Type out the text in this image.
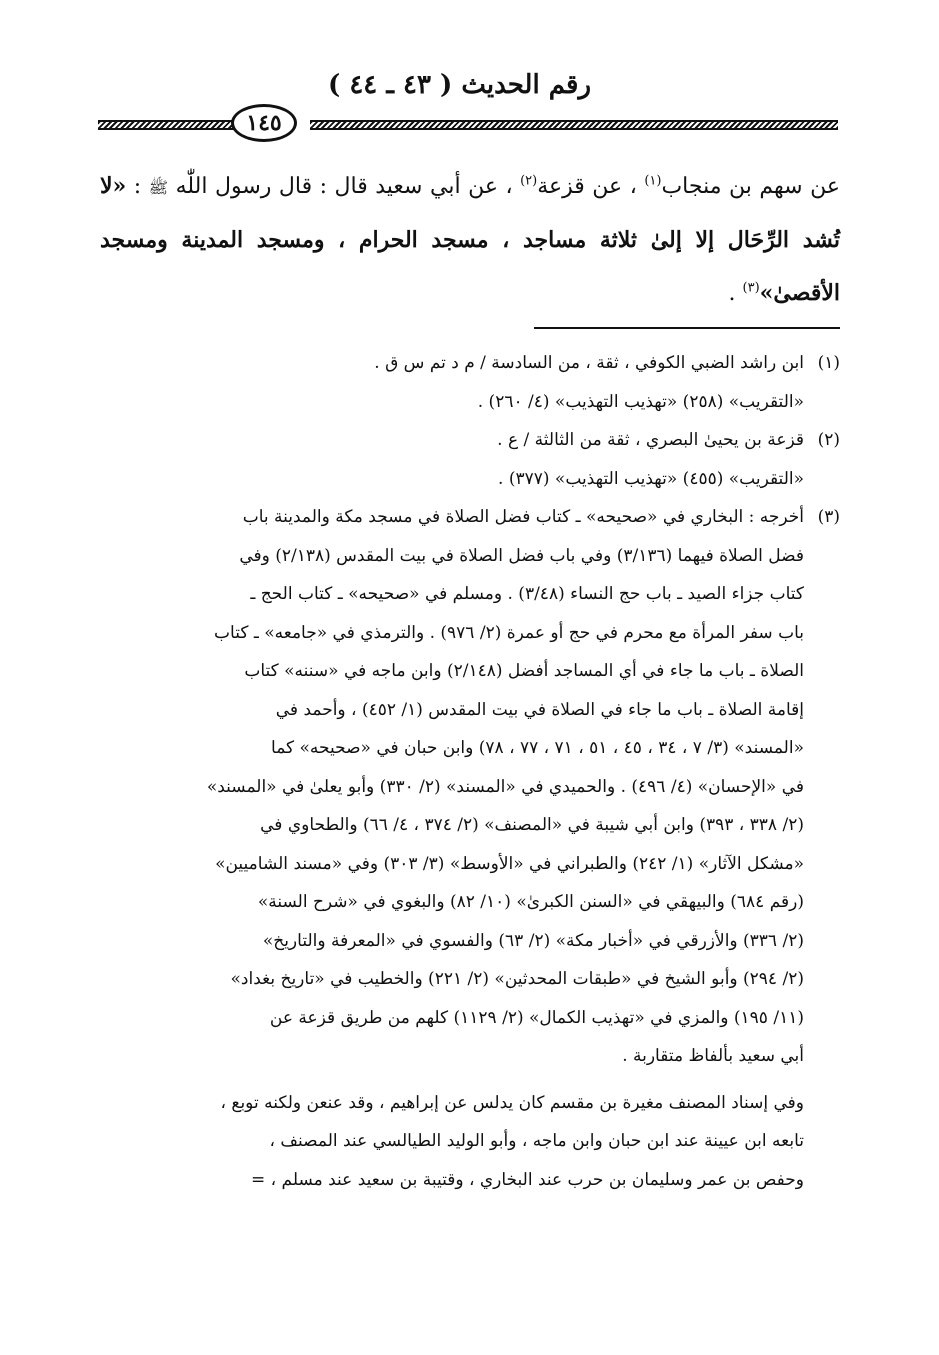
رقم الحديث ( ٤٣ ـ ٤٤ )
١٤٥
عن سهم بن منجاب$^{(١)}$ ، عن قزعة$^{(٢)}$ ، عن أبي سعيد قال : قال رسول اللّٰه ﷺ : «لا تُشد الرِّحَال إلا إلىٰ ثلاثة مساجد ، مسجد الحرام ، ومسجد المدينة ومسجد الأقصىٰ»$^{(٣)}$ .
(١)ابن راشد الضبي الكوفي ، ثقة ، من السادسة / م د تم س ق .
«التقريب» (٢٥٨) «تهذيب التهذيب» (٤/ ٢٦٠) .
(٢)قزعة بن يحيىٰ البصري ، ثقة من الثالثة / ع .
«التقريب» (٤٥٥) «تهذيب التهذيب» (٣٧٧) .
(٣)أخرجه : البخاري في «صحيحه» ـ كتاب فضل الصلاة في مسجد مكة والمدينة باب
فضل الصلاة فيهما (٣/١٣٦) وفي باب فضل الصلاة في بيت المقدس (٢/١٣٨) وفي
كتاب جزاء الصيد ـ باب حج النساء (٣/٤٨) . ومسلم في «صحيحه» ـ كتاب الحج ـ
باب سفر المرأة مع محرم في حج أو عمرة (٢/ ٩٧٦) . والترمذي في «جامعه» ـ كتاب
الصلاة ـ باب ما جاء في أي المساجد أفضل (٢/١٤٨) وابن ماجه في «سننه» كتاب
إقامة الصلاة ـ باب ما جاء في الصلاة في بيت المقدس (١/ ٤٥٢) ، وأحمد في
«المسند» (٣/ ٧ ، ٣٤ ، ٤٥ ، ٥١ ، ٧١ ، ٧٧ ، ٧٨) وابن حبان في «صحيحه» كما
في «الإحسان» (٤/ ٤٩٦) . والحميدي في «المسند» (٢/ ٣٣٠) وأبو يعلىٰ في «المسند»
(٢/ ٣٣٨ ، ٣٩٣) وابن أبي شيبة في «المصنف» (٢/ ٣٧٤ ، ٤/ ٦٦) والطحاوي في
«مشكل الآثار» (١/ ٢٤٢) والطبراني في «الأوسط» (٣/ ٣٠٣) وفي «مسند الشاميين»
(رقم ٦٨٤) والبيهقي في «السنن الكبرىٰ» (١٠/ ٨٢) والبغوي في «شرح السنة»
(٢/ ٣٣٦) والأزرقي في «أخبار مكة» (٢/ ٦٣) والفسوي في «المعرفة والتاريخ»
(٢/ ٢٩٤) وأبو الشيخ في «طبقات المحدثين» (٢/ ٢٢١) والخطيب في «تاريخ بغداد»
(١١/ ١٩٥) والمزي في «تهذيب الكمال» (٢/ ١١٢٩) كلهم من طريق قزعة عن
أبي سعيد بألفاظ متقاربة .
وفي إسناد المصنف مغيرة بن مقسم كان يدلس عن إبراهيم ، وقد عنعن ولكنه توبع ،
تابعه ابن عيينة عند ابن حبان وابن ماجه ، وأبو الوليد الطيالسي عند المصنف ،
وحفص بن عمر وسليمان بن حرب عند البخاري ، وقتيبة بن سعيد عند مسلم ، =
